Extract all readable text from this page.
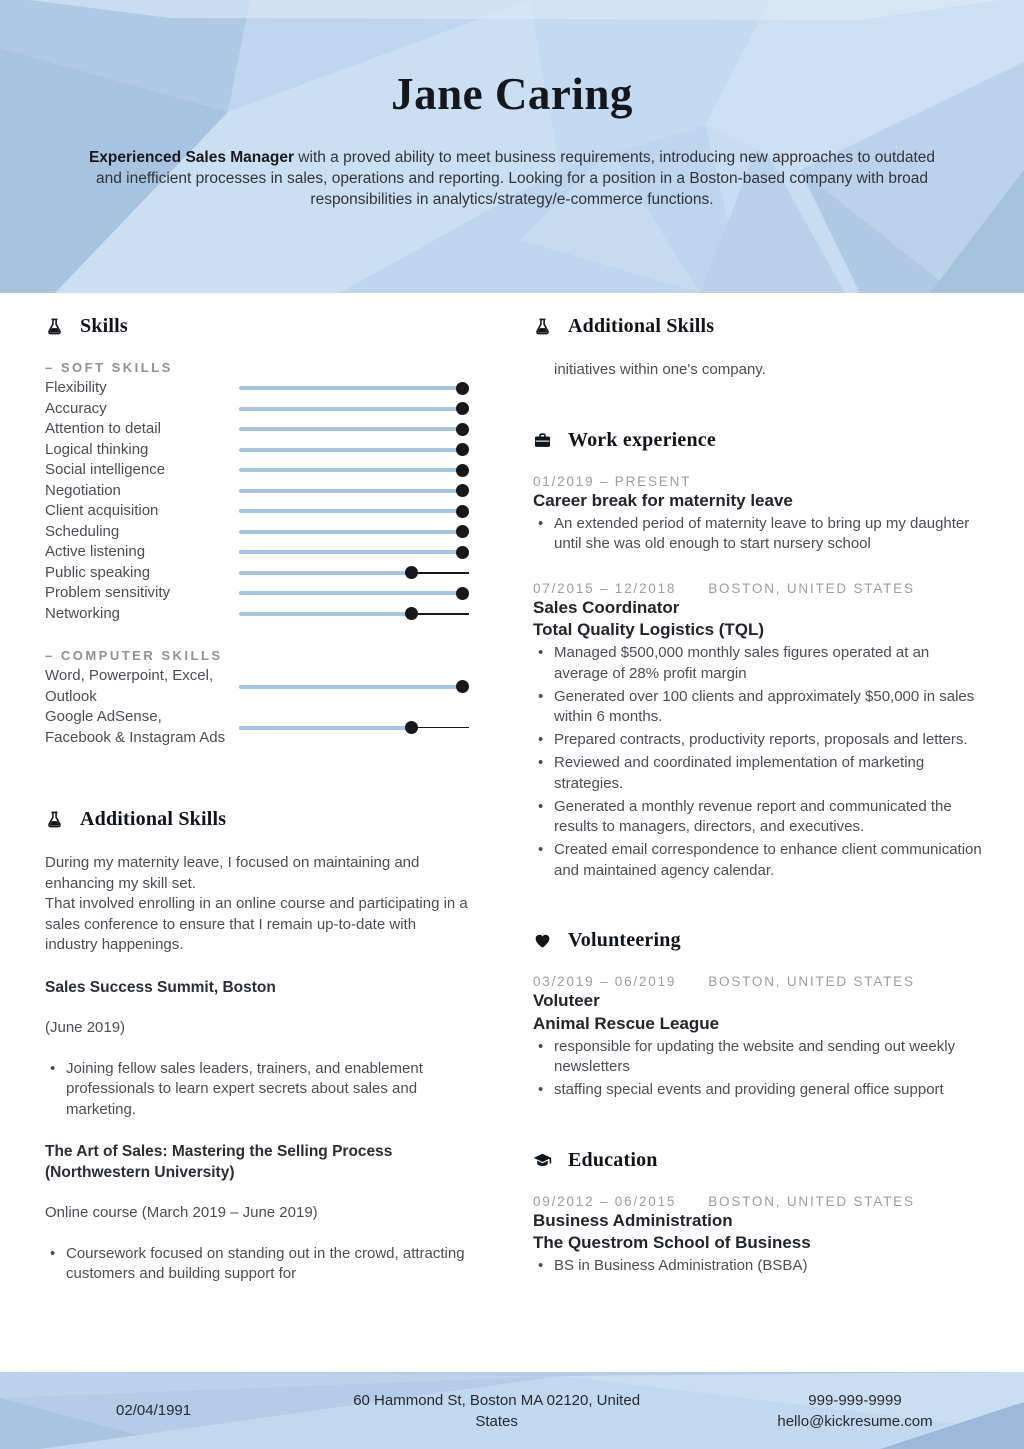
Jane Caring

Experienced Sales Manager with a proved ability to meet business requirements, introducing new approaches to outdated and inefficient processes in sales, operations and reporting. Looking for a position in a Boston-based company with broad responsibilities in analytics/strategy/e-commerce functions.

Skills
– SOFT SKILLS
Flexibility
Accuracy
Attention to detail
Logical thinking
Social intelligence
Negotiation
Client acquisition
Scheduling
Active listening
Public speaking
Problem sensitivity
Networking
– COMPUTER SKILLS
Word, Powerpoint, Excel, Outlook
Google AdSense, Facebook & Instagram Ads
Additional Skills
During my maternity leave, I focused on maintaining and enhancing my skill set.
That involved enrolling in an online course and participating in a sales conference to ensure that I remain up-to-date with industry happenings.
Sales Success Summit, Boston
(June 2019)
• Joining fellow sales leaders, trainers, and enablement professionals to learn expert secrets about sales and marketing.
The Art of Sales: Mastering the Selling Process (Northwestern University)
Online course (March 2019 – June 2019)
• Coursework focused on standing out in the crowd, attracting customers and building support for
Additional Skills

initiatives within one's company.

Work experience
01/2019 – PRESENT
Career break for maternity leave
• An extended period of maternity leave to bring up my daughter until she was old enough to start nursery school
07/2015 – 12/2018 BOSTON, UNITED STATES
Sales Coordinator
Total Quality Logistics (TQL)
• Managed $500,000 monthly sales figures operated at an average of 28% profit margin
• Generated over 100 clients and approximately $50,000 in sales within 6 months.
• Prepared contracts, productivity reports, proposals and letters.
• Reviewed and coordinated implementation of marketing strategies.
• Generated a monthly revenue report and communicated the results to managers, directors, and executives.
• Created email correspondence to enhance client communication and maintained agency calendar.
Volunteering
03/2019 – 06/2019 BOSTON, UNITED STATES
Voluteer
Animal Rescue League
• responsible for updating the website and sending out weekly newsletters
• staffing special events and providing general office support
Education
09/2012 – 06/2015 BOSTON, UNITED STATES
Business Administration
The Questrom School of Business
• BS in Business Administration (BSBA)
02/04/1991
60 Hammond St, Boston MA 02120, United States
999-999-9999
hello@kickresume.com
